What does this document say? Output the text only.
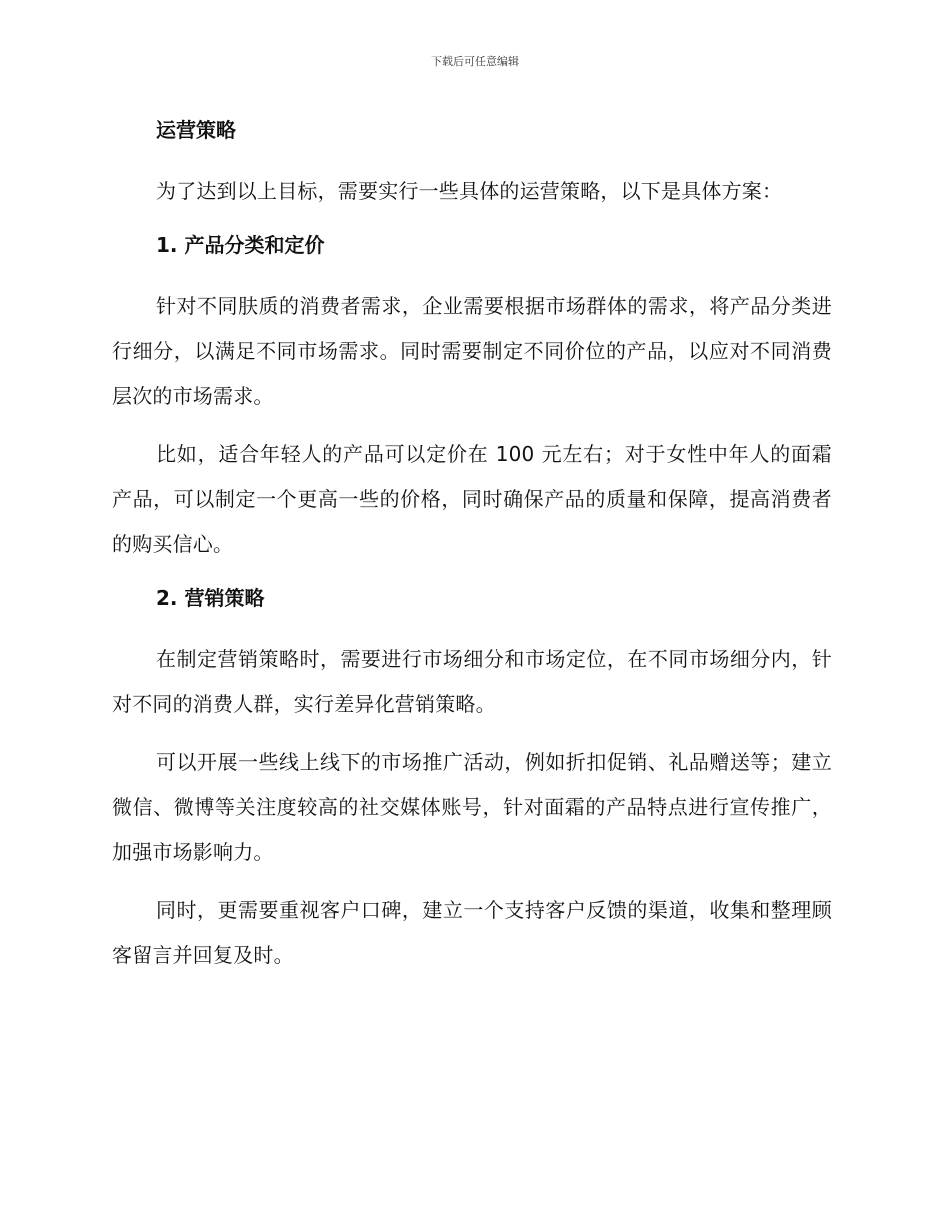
下载后可任意编辑
运营策略

为了达到以上目标，需要实行一些具体的运营策略，以下是具体方案：

1. 产品分类和定价

针对不同肤质的消费者需求，企业需要根据市场群体的需求，将产品分类进行细分，以满足不同市场需求。同时需要制定不同价位的产品，以应对不同消费层次的市场需求。

比如，适合年轻人的产品可以定价在 100 元左右；对于女性中年人的面霜产品，可以制定一个更高一些的价格，同时确保产品的质量和保障，提高消费者的购买信心。

2. 营销策略

在制定营销策略时，需要进行市场细分和市场定位，在不同市场细分内，针对不同的消费人群，实行差异化营销策略。

可以开展一些线上线下的市场推广活动，例如折扣促销、礼品赠送等；建立微信、微博等关注度较高的社交媒体账号，针对面霜的产品特点进行宣传推广，加强市场影响力。

同时，更需要重视客户口碑，建立一个支持客户反馈的渠道，收集和整理顾客留言并回复及时。
